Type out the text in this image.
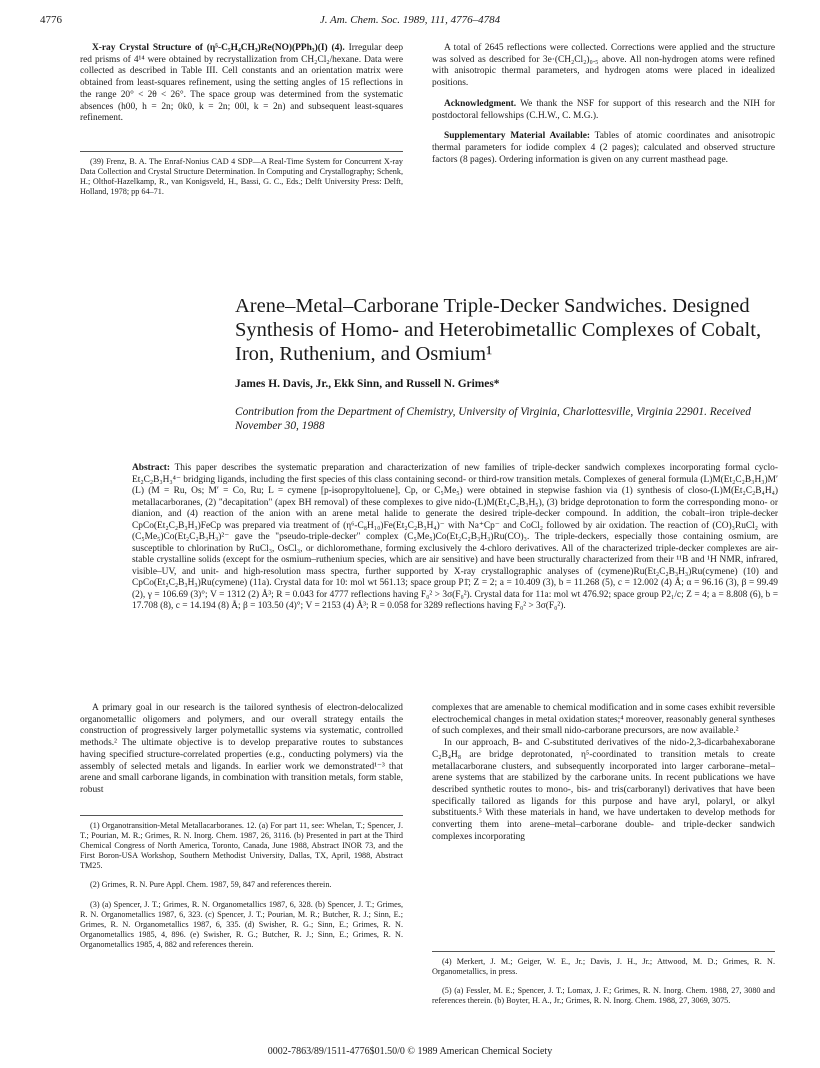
4776	J. Am. Chem. Soc. 1989, 111, 4776–4784

X-ray Crystal Structure of (η⁵-C₅H₄CH₃)Re(NO)(PPh₃)(I) (4). Irregular deep red prisms of 4¹⁴ were obtained by recrystallization from CH₂Cl₂/hexane. Data were collected as described in Table III. Cell constants and an orientation matrix were obtained from least-squares refinement, using the setting angles of 15 reflections in the range 20° < 2θ < 26°. The space group was determined from the systematic absences (h00, h = 2n; 0k0, k = 2n; 00l, k = 2n) and subsequent least-squares refinement.

(39) Frenz, B. A. The Enraf-Nonius CAD 4 SDP—A Real-Time System for Concurrent X-ray Data Collection and Crystal Structure Determination. In Computing and Crystallography; Schenk, H.; Olthof-Hazelkamp, R., van Konigsveld, H., Bassi, G. C., Eds.; Delft University Press: Delft, Holland, 1978; pp 64–71.

A total of 2645 reflections were collected. Corrections were applied and the structure was solved as described for 3e·(CH₂Cl₂)₀.₅ above. All non-hydrogen atoms were refined with anisotropic thermal parameters, and hydrogen atoms were placed in idealized positions.

Acknowledgment. We thank the NSF for support of this research and the NIH for postdoctoral fellowships (C.H.W., C. M.G.).

Supplementary Material Available: Tables of atomic coordinates and anisotropic thermal parameters for iodide complex 4 (2 pages); calculated and observed structure factors (8 pages). Ordering information is given on any current masthead page.

Arene–Metal–Carborane Triple-Decker Sandwiches. Designed Synthesis of Homo- and Heterobimetallic Complexes of Cobalt, Iron, Ruthenium, and Osmium¹
James H. Davis, Jr., Ekk Sinn, and Russell N. Grimes*
Contribution from the Department of Chemistry, University of Virginia, Charlottesville, Virginia 22901. Received November 30, 1988
Abstract: This paper describes the systematic preparation and characterization of new families of triple-decker sandwich complexes incorporating formal cyclo-Et₂C₂B₃H₃⁴⁻ bridging ligands, including the first species of this class containing second- or third-row transition metals. Complexes of general formula (L)M(Et₂C₂B₃H₃)M′(L) (M = Ru, Os; M′ = Co, Ru; L = cymene [p-isopropyltoluene], Cp, or C₅Me₅) were obtained in stepwise fashion via (1) synthesis of closo-(L)M(Et₂C₂B₄H₄) metallacarboranes, (2) "decapitation" (apex BH removal) of these complexes to give nido-(L)M(Et₂C₂B₃H₅), (3) bridge deprotonation to form the corresponding mono- or dianion, and (4) reaction of the anion with an arene metal halide to generate the desired triple-decker compound. In addition, the cobalt–iron triple-decker CpCo(Et₂C₂B₃H₃)FeCp was prepared via treatment of (η⁶-C₈H₁₀)Fe(Et₂C₂B₃H₄)⁻ with Na⁺Cp⁻ and CoCl₂ followed by air oxidation. The reaction of (CO)₃RuCl₂ with (C₅Me₅)Co(Et₂C₂B₃H₃)²⁻ gave the "pseudo-triple-decker" complex (C₅Me₅)Co(Et₂C₂B₃H₃)Ru(CO)₃. The triple-deckers, especially those containing osmium, are susceptible to chlorination by RuCl₃, OsCl₃, or dichloromethane, forming exclusively the 4-chloro derivatives. All of the characterized triple-decker complexes are air-stable crystalline solids (except for the osmium–ruthenium species, which are air sensitive) and have been structurally characterized from their ¹¹B and ¹H NMR, infrared, visible–UV, and unit- and high-resolution mass spectra, further supported by X-ray crystallographic analyses of (cymene)Ru(Et₂C₂B₃H₃)Ru(cymene) (10) and CpCo(Et₂C₂B₃H₃)Ru(cymene) (11a). Crystal data for 10: mol wt 561.13; space group P1̄; Z = 2; a = 10.409 (3), b = 11.268 (5), c = 12.002 (4) Å; α = 96.16 (3), β = 99.49 (2), γ = 106.69 (3)°; V = 1312 (2) Å³; R = 0.043 for 4777 reflections having F₀² > 3σ(F₀²). Crystal data for 11a: mol wt 476.92; space group P2₁/c; Z = 4; a = 8.808 (6), b = 17.708 (8), c = 14.194 (8) Å; β = 103.50 (4)°; V = 2153 (4) Å³; R = 0.058 for 3289 reflections having F₀² > 3σ(F₀²).

A primary goal in our research is the tailored synthesis of electron-delocalized organometallic oligomers and polymers, and our overall strategy entails the construction of progressively larger polymetallic systems via systematic, controlled methods.² The ultimate objective is to develop preparative routes to substances having specified structure-correlated properties (e.g., conducting polymers) via the assembly of selected metals and ligands. In earlier work we demonstrated¹⁻³ that arene and small carborane ligands, in combination with transition metals, form stable, robust

(1) Organotransition-Metal Metallacarboranes. 12. (a) For part 11, see: Whelan, T.; Spencer, J. T.; Pourian, M. R.; Grimes, R. N. Inorg. Chem. 1987, 26, 3116. (b) Presented in part at the Third Chemical Congress of North America, Toronto, Canada, June 1988, Abstract INOR 73, and the First Boron-USA Workshop, Southern Methodist University, Dallas, TX, April, 1988, Abstract TM25.

(2) Grimes, R. N. Pure Appl. Chem. 1987, 59, 847 and references therein.

(3) (a) Spencer, J. T.; Grimes, R. N. Organometallics 1987, 6, 328. (b) Spencer, J. T.; Grimes, R. N. Organometallics 1987, 6, 323. (c) Spencer, J. T.; Pourian, M. R.; Butcher, R. J.; Sinn, E.; Grimes, R. N. Organometallics 1987, 6, 335. (d) Swisher, R. G.; Sinn, E.; Grimes, R. N. Organometallics 1985, 4, 896. (e) Swisher, R. G.; Butcher, R. J.; Sinn, E.; Grimes, R. N. Organometallics 1985, 4, 882 and references therein.

complexes that are amenable to chemical modification and in some cases exhibit reversible electrochemical changes in metal oxidation states;⁴ moreover, reasonably general syntheses of such complexes, and their small nido-carborane precursors, are now available.²

In our approach, B- and C-substituted derivatives of the nido-2,3-dicarbahexaborane C₂B₄H₈ are bridge deprotonated, η⁵-coordinated to transition metals to create metallacarborane clusters, and subsequently incorporated into larger carborane–metal–arene systems that are stabilized by the carborane units. In recent publications we have described synthetic routes to mono-, bis- and tris(carboranyl) derivatives that have been specifically tailored as ligands for this purpose and have aryl, polaryl, or alkyl substituents.⁵ With these materials in hand, we have undertaken to develop methods for converting them into arene–metal–carborane double- and triple-decker sandwich complexes incorporating

(4) Merkert, J. M.; Geiger, W. E., Jr.; Davis, J. H., Jr.; Attwood, M. D.; Grimes, R. N. Organometallics, in press.

(5) (a) Fessler, M. E.; Spencer, J. T.; Lomax, J. F.; Grimes, R. N. Inorg. Chem. 1988, 27, 3080 and references therein. (b) Boyter, H. A., Jr.; Grimes, R. N. Inorg. Chem. 1988, 27, 3069, 3075.

0002-7863/89/1511-4776$01.50/0 © 1989 American Chemical Society
